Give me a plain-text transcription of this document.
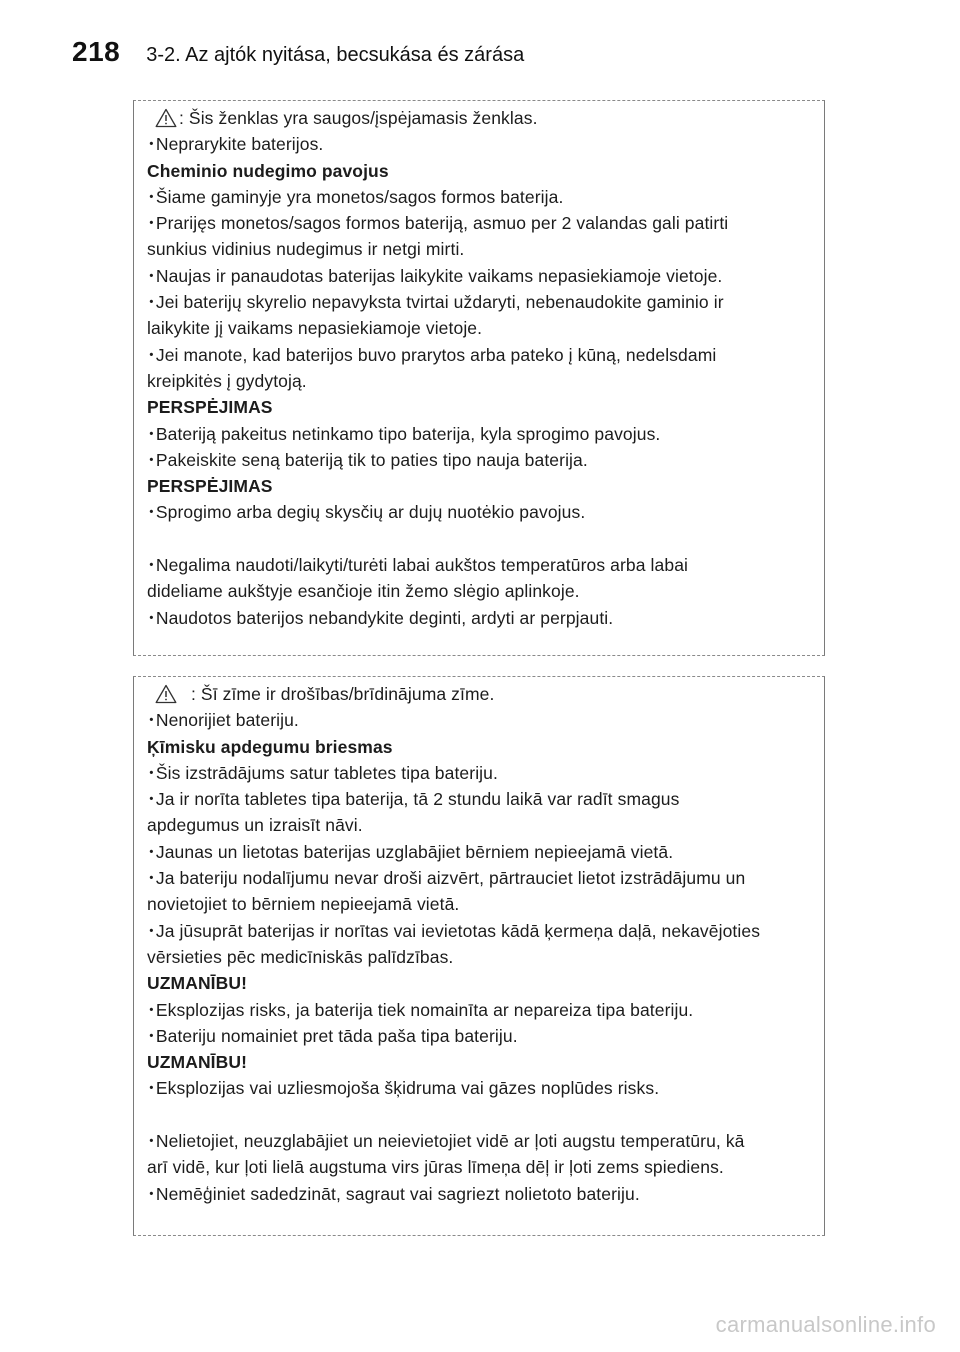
218 3-2. Az ajtók nyitása, becsukása és zárása
: Šis ženklas yra saugos/įspėjamasis ženklas.
･Neprarykite baterijos.
Cheminio nudegimo pavojus
･Šiame gaminyje yra monetos/sagos formos baterija.
･Prarijęs monetos/sagos formos bateriją, asmuo per 2 valandas gali patirti
sunkius vidinius nudegimus ir netgi mirti.
･Naujas ir panaudotas baterijas laikykite vaikams nepasiekiamoje vietoje.
･Jei baterijų skyrelio nepavyksta tvirtai uždaryti, nebenaudokite gaminio ir
laikykite jį vaikams nepasiekiamoje vietoje.
･Jei manote, kad baterijos buvo prarytos arba pateko į kūną, nedelsdami
kreipkitės į gydytoją.
PERSPĖJIMAS
･Bateriją pakeitus netinkamo tipo baterija, kyla sprogimo pavojus.
･Pakeiskite seną bateriją tik to paties tipo nauja baterija.
PERSPĖJIMAS
･Sprogimo arba degių skysčių ar dujų nuotėkio pavojus.
･Negalima naudoti/laikyti/turėti labai aukštos temperatūros arba labai
dideliame aukštyje esančioje itin žemo slėgio aplinkoje.
･Naudotos baterijos nebandykite deginti, ardyti ar perpjauti.
: Šī zīme ir drošības/brīdinājuma zīme.
･Nenorijiet bateriju.
Ķīmisku apdegumu briesmas
･Šis izstrādājums satur tabletes tipa bateriju.
･Ja ir norīta tabletes tipa baterija, tā 2 stundu laikā var radīt smagus
apdegumus un izraisīt nāvi.
･Jaunas un lietotas baterijas uzglabājiet bērniem nepieejamā vietā.
･Ja bateriju nodalījumu nevar droši aizvērt, pārtrauciet lietot izstrādājumu un
novietojiet to bērniem nepieejamā vietā.
･Ja jūsuprāt baterijas ir norītas vai ievietotas kādā ķermeņa daļā, nekavējoties
vērsieties pēc medicīniskās palīdzības.
UZMANĪBU!
･Eksplozijas risks, ja baterija tiek nomainīta ar nepareiza tipa bateriju.
･Bateriju nomainiet pret tāda paša tipa bateriju.
UZMANĪBU!
･Eksplozijas vai uzliesmojoša šķidruma vai gāzes noplūdes risks.
･Nelietojiet, neuzglabājiet un neievietojiet vidē ar ļoti augstu temperatūru, kā
arī vidē, kur ļoti lielā augstuma virs jūras līmeņa dēļ ir ļoti zems spiediens.
･Nemēģiniet sadedzināt, sagraut vai sagriezt nolietoto bateriju.
carmanualsonline.info
